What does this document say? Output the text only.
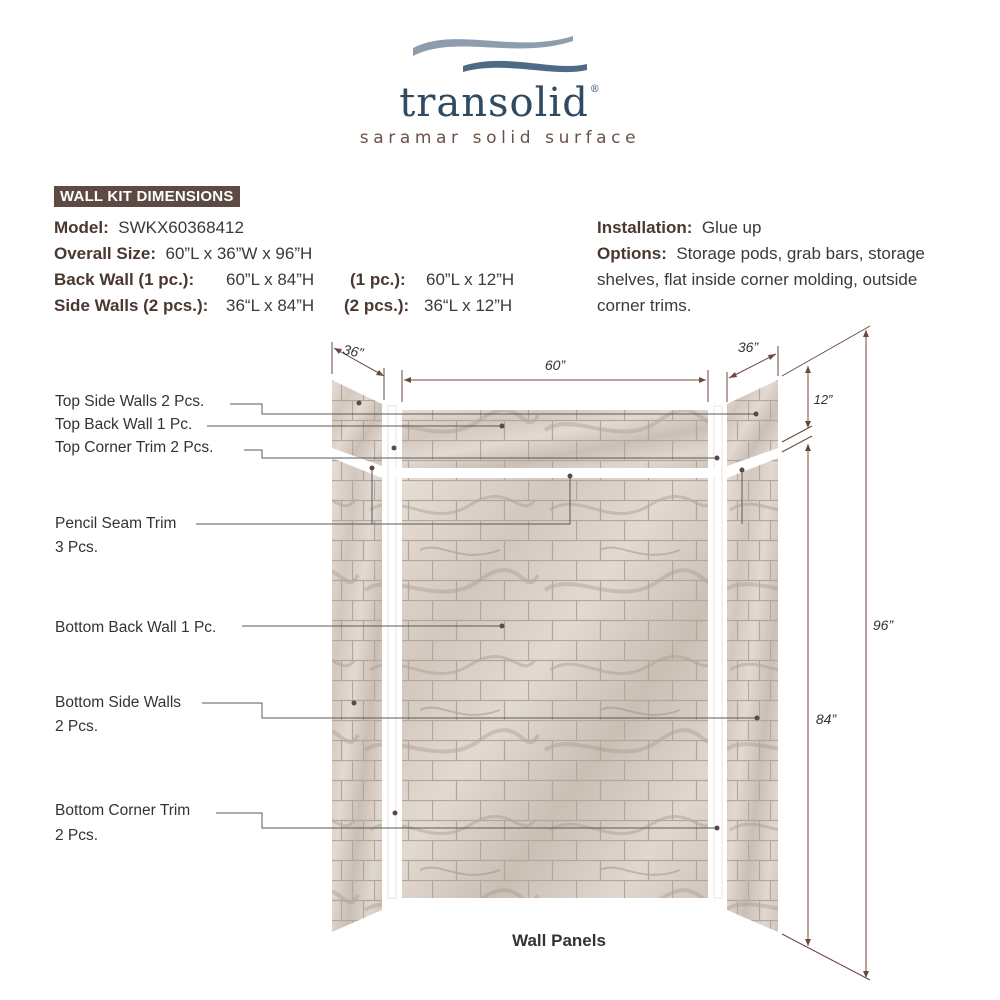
transolid®
saramar solid surface
WALL KIT DIMENSIONS
Model: SWKX60368412
Overall Size: 60”L x 36”W x 96”H
Back Wall (1 pc.): 60”L x 84”H (1 pc.): 60”L x 12”H
Side Walls (2 pcs.): 36“L x 84”H (2 pcs.): 36“L x 12”H
Installation: Glue up
Options: Storage pods, grab bars, storage
shelves, flat inside corner molding, outside
corner trims.
36”
60”
36”
12”
84”
96”
Top Side Walls 2 Pcs.
Top Back Wall 1 Pc.
Top Corner Trim 2 Pcs.
Pencil Seam Trim
3 Pcs.
Bottom Back Wall 1 Pc.
Bottom Side Walls
2 Pcs.
Bottom Corner Trim
2 Pcs.
Wall Panels
